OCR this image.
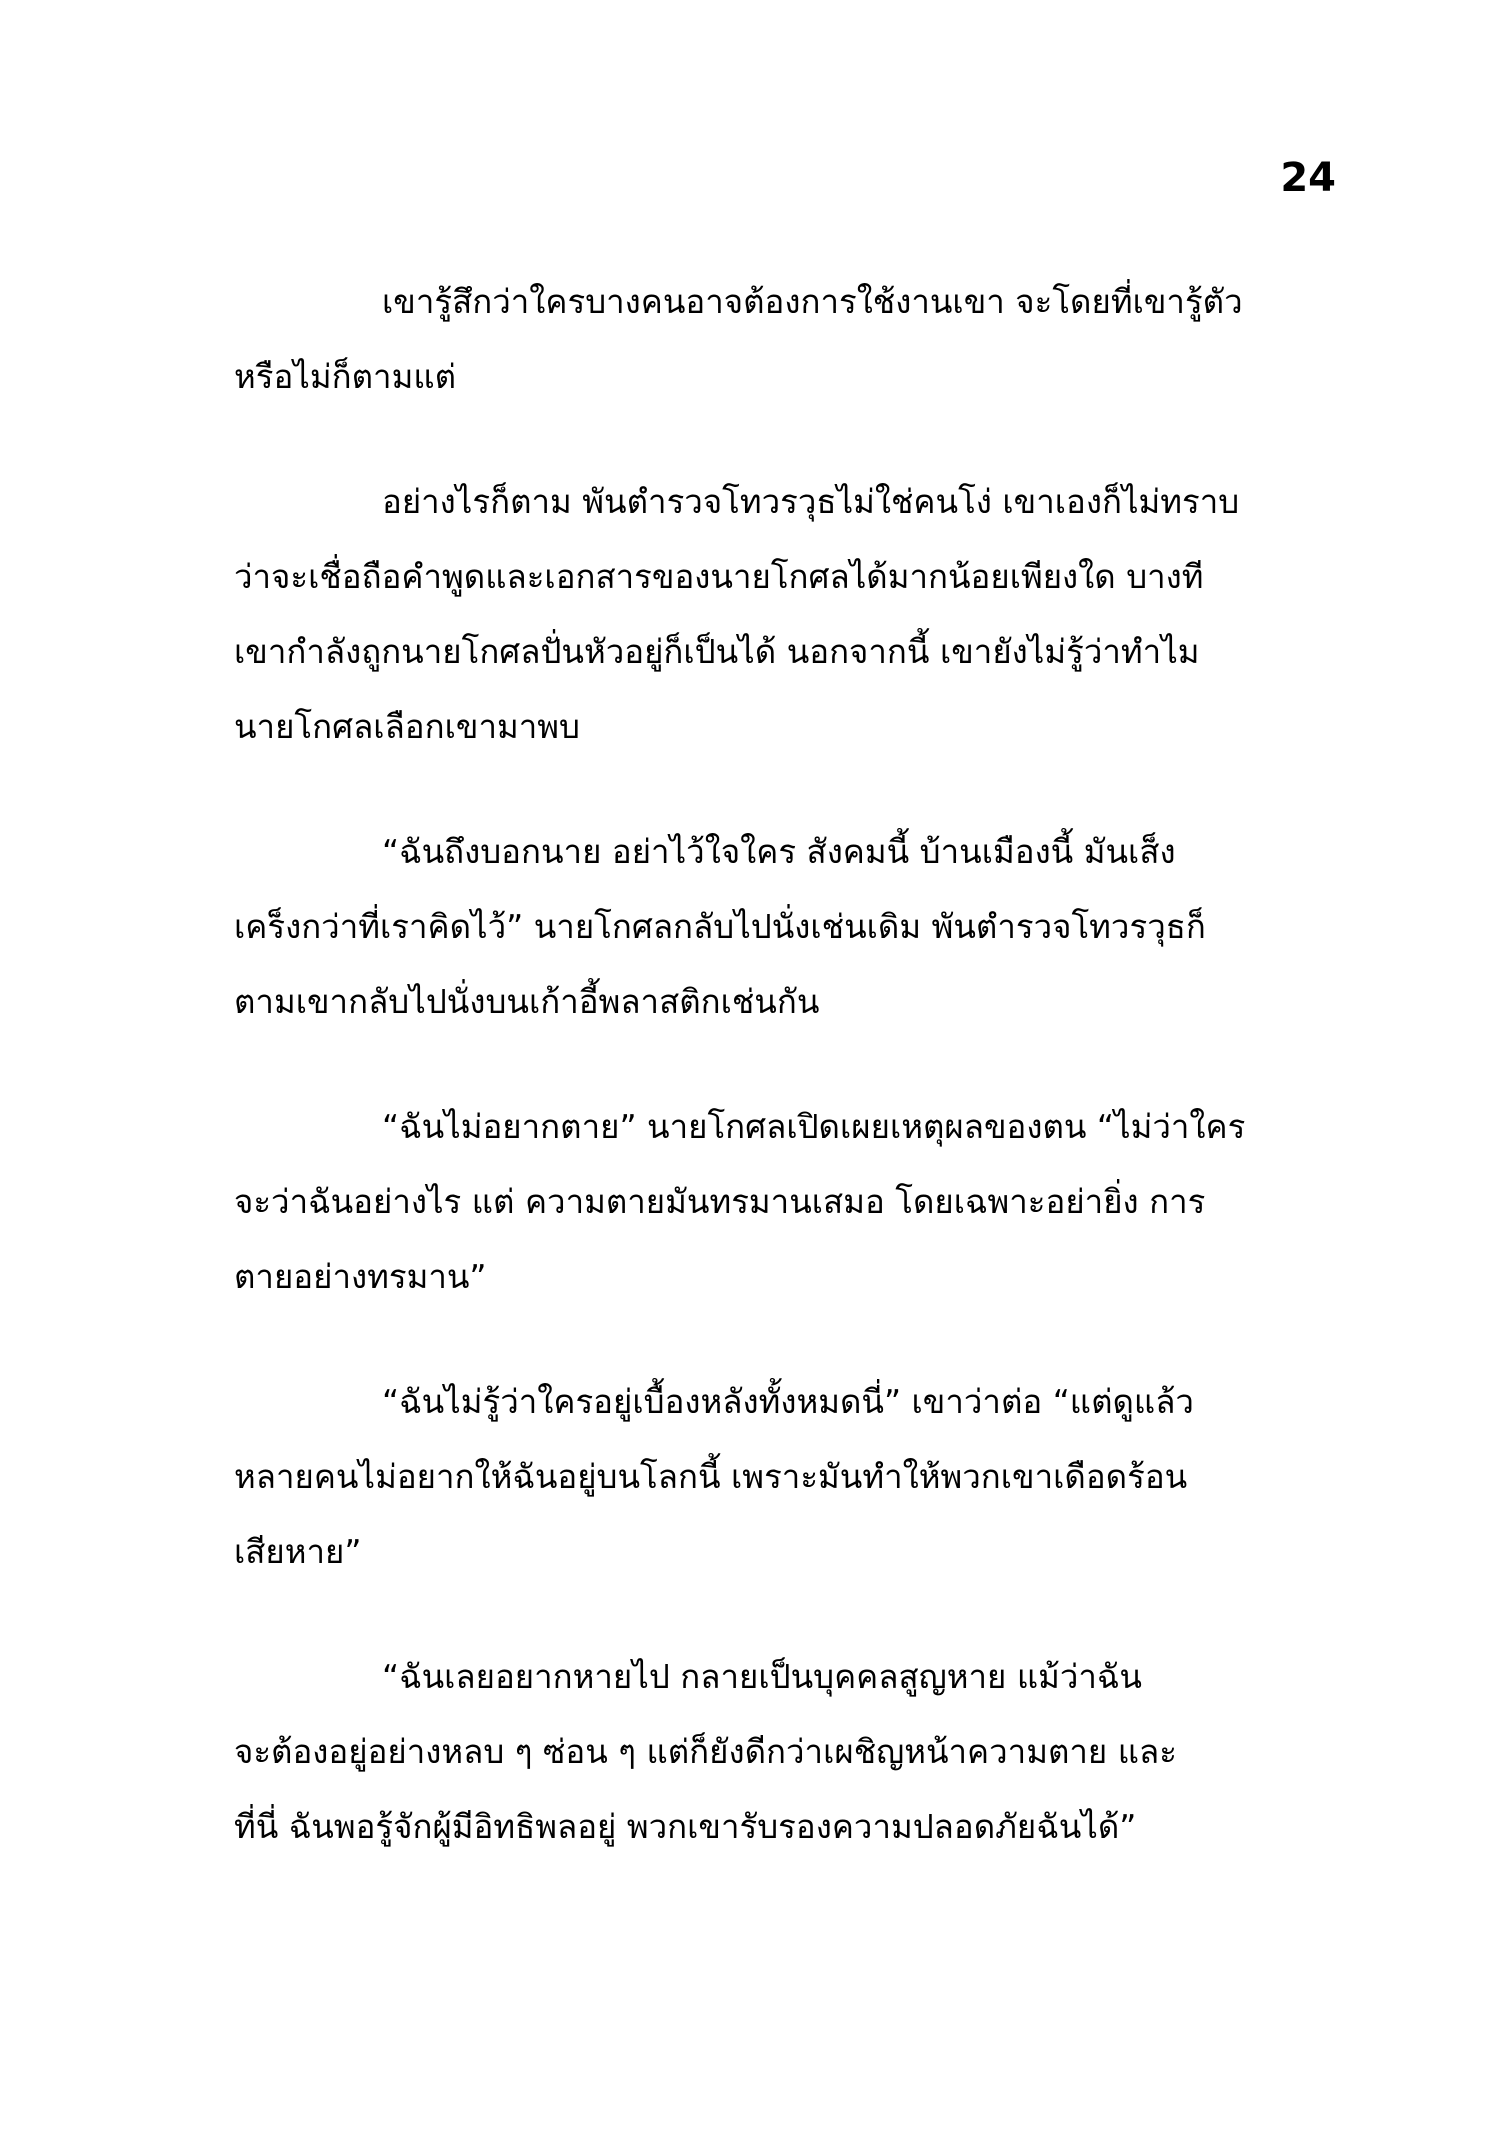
24
เขารู้สึกว่าใครบางคนอาจต้องการใช้งานเขา จะโดยที่เขารู้ตัว
หรือไม่ก็ตามแต่
อย่างไรก็ตาม พันตำรวจโทวรวุธไม่ใช่คนโง่ เขาเองก็ไม่ทราบ
ว่าจะเชื่อถือคำพูดและเอกสารของนายโกศลได้มากน้อยเพียงใด บางที
เขากำลังถูกนายโกศลปั่นหัวอยู่ก็เป็นได้ นอกจากนี้ เขายังไม่รู้ว่าทำไม
นายโกศลเลือกเขามาพบ
“ฉันถึงบอกนาย อย่าไว้ใจใคร สังคมนี้ บ้านเมืองนี้ มันเส็ง
เคร็งกว่าที่เราคิดไว้” นายโกศลกลับไปนั่งเช่นเดิม พันตำรวจโทวรวุธก็
ตามเขากลับไปนั่งบนเก้าอี้พลาสติกเช่นกัน
“ฉันไม่อยากตาย” นายโกศลเปิดเผยเหตุผลของตน “ไม่ว่าใคร
จะว่าฉันอย่างไร แต่ ความตายมันทรมานเสมอ โดยเฉพาะอย่ายิ่ง การ
ตายอย่างทรมาน”
“ฉันไม่รู้ว่าใครอยู่เบื้องหลังทั้งหมดนี่” เขาว่าต่อ “แต่ดูแล้ว
หลายคนไม่อยากให้ฉันอยู่บนโลกนี้ เพราะมันทำให้พวกเขาเดือดร้อน
เสียหาย”
“ฉันเลยอยากหายไป กลายเป็นบุคคลสูญหาย แม้ว่าฉัน
จะต้องอยู่อย่างหลบ ๆ ซ่อน ๆ แต่ก็ยังดีกว่าเผชิญหน้าความตาย และ
ที่นี่ ฉันพอรู้จักผู้มีอิทธิพลอยู่ พวกเขารับรองความปลอดภัยฉันได้”
